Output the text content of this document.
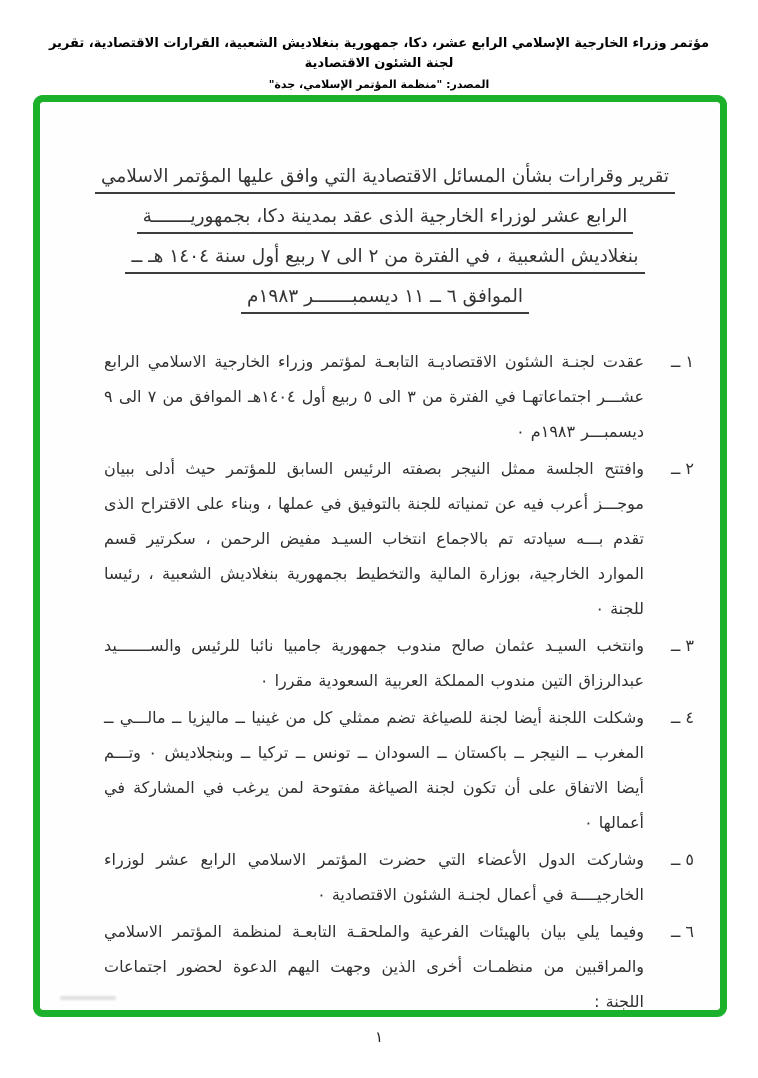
مؤتمر وزراء الخارجية الإسلامي الرابع عشر، دكا، جمهورية بنغلاديش الشعبية، القرارات الاقتصادية، تقرير لجنة الشئون الاقتصادية
المصدر: "منظمة المؤتمر الإسلامي، جدة"
تقرير وقرارات بشأن المسائل الاقتصادية التي وافق عليها المؤتمر الاسلامي
الرابع عشر لوزراء الخارجية الذى عقد بمدينة دكا، بجمهوريـــــــة
بنغلاديش الشعبية ، في الفترة من ٢ الى ٧ ربيع أول سنة ١٤٠٤ هـ ــ
الموافق ٦ ــ ١١ ديسمبـــــــر ١٩٨٣م
١ ــ
عقدت لجنـة الشئون الاقتصاديـة التابعـة لمؤتمر وزراء الخارجية الاسلامي الرابع عشـــر اجتماعاتهـا في الفترة من ٣ الى ٥ ربيع أول ١٤٠٤هـ الموافق من ٧ الى ٩ ديسمبـــر ١٩٨٣م ٠
٢ ــ
وافتتح الجلسة ممثل النيجر بصفته الرئيس السابق للمؤتمر حيث أدلى ببيان موجـــز أعرب فيه عن تمنياته للجنة بالتوفيق في عملها ، وبناء على الاقتراح الذى تقدم بـــه سيادته تم بالاجماع انتخاب السيـد مفيض الرحمن ، سكرتير قسم الموارد الخارجية، بوزارة المالية والتخطيط بجمهورية بنغلاديش الشعبية ، رئيسا للجنة ٠
٣ ــ
وانتخب السيـد عثمان صالح مندوب جمهورية جامبيا نائبا للرئيس والســـــــيد عبدالرزاق التين مندوب المملكة العربية السعودية مقررا ٠
٤ ــ
وشكلت اللجنة أيضا لجنة للصياغة تضم ممثلي كل من غينيا ــ ماليزيا ــ مالـــي ــ المغرب ــ النيجر ــ باكستان ــ السودان ــ تونس ــ تركيا ــ وبنجلاديش ٠ وتـــم أيضا الاتفاق على أن تكون لجنة الصياغة مفتوحة لمن يرغب في المشاركة في أعمالها ٠
٥ ــ
وشاركت الدول الأعضاء التي حضرت المؤتمر الاسلامي الرابع عشر لوزراء الخارجيــــة في أعمال لجنـة الشئون الاقتصادية ٠
٦ ــ
وفيما يلي بيان بالهيئات الفرعية والملحقـة التابعـة لمنظمة المؤتمر الاسلامي والمراقبين من منظمـات أخرى الذين وجهت اليهم الدعوة لحضور اجتماعات اللجنة :
١
